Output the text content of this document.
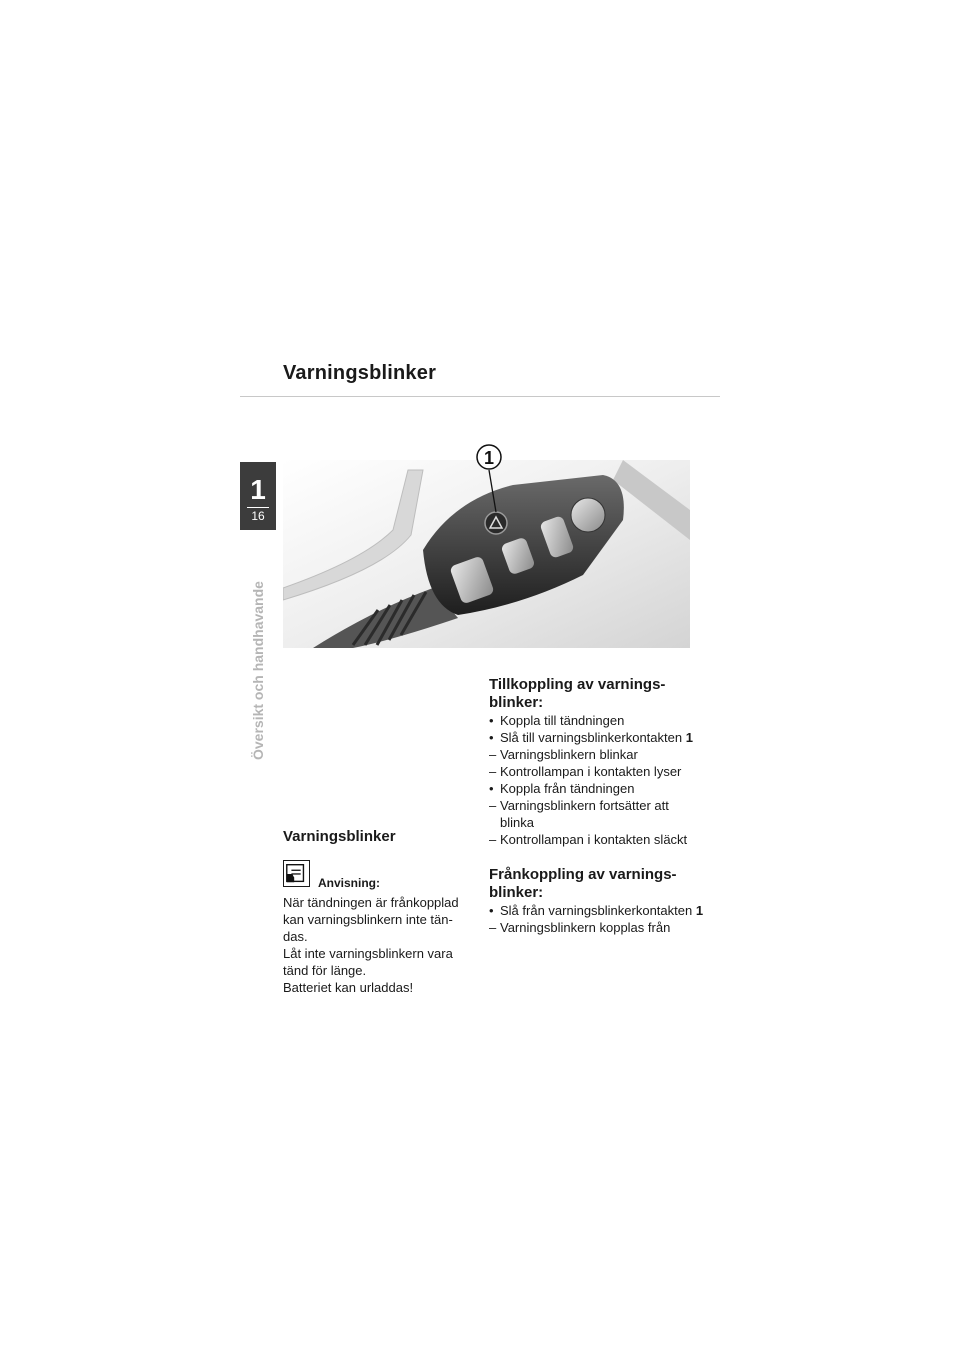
Varningsblinker
1
16
Översikt och handhavande
1
Varningsblinker
Anvisning:

När tändningen är frånkopplad kan varningsblinkern inte tän-das.

Låt inte varningsblinkern vara tänd för länge.

Batteriet kan urladdas!

Tillkoppling av varnings-
blinker:
• Koppla till tändningen
• Slå till varningsblinkerkontakten 1
– Varningsblinkern blinkar
– Kontrollampan i kontakten lyser
• Koppla från tändningen
– Varningsblinkern fortsätter att blinka
– Kontrollampan i kontakten släckt
Frånkoppling av varnings-
blinker:
• Slå från varningsblinkerkontakten 1
– Varningsblinkern kopplas från
